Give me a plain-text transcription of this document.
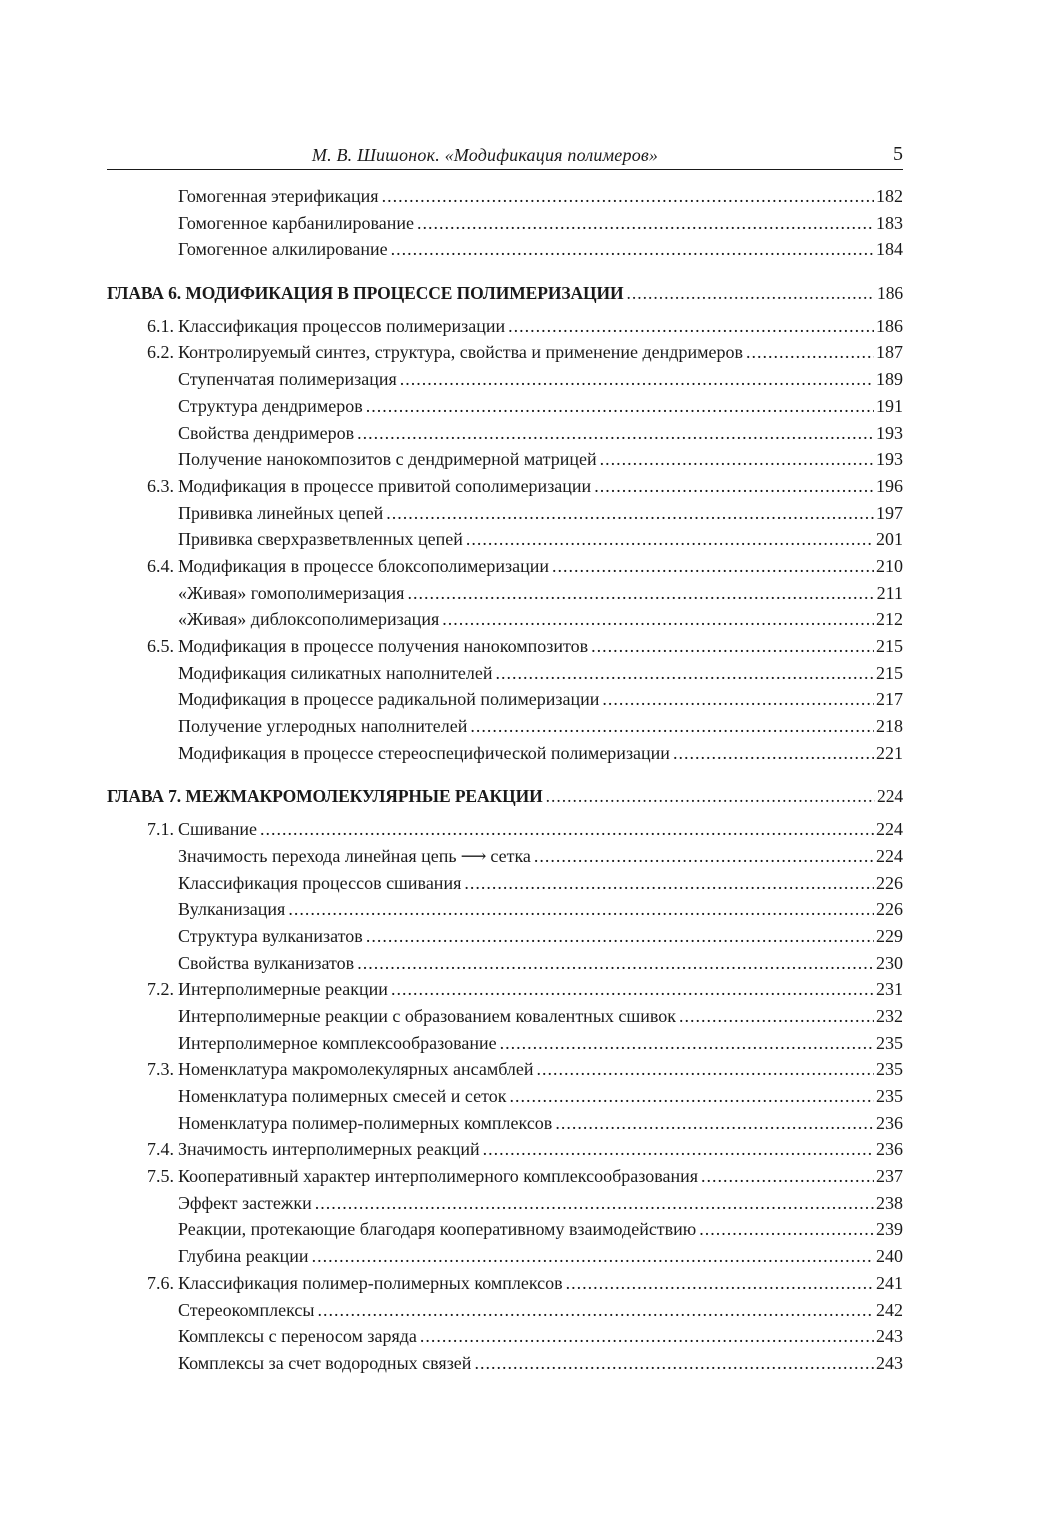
М. В. Шишонок. «Модификация полимеров»	5
Гомогенная этерификация .....	182
Гомогенное карбанилирование .....	183
Гомогенное алкилирование .....	184
ГЛАВА 6. МОДИФИКАЦИЯ В ПРОЦЕССЕ ПОЛИМЕРИЗАЦИИ .....	186
6.1. Классификация процессов полимеризации .....	186
6.2. Контролируемый синтез, структура, свойства и применение дендримеров .....	187
Ступенчатая полимеризация .....	189
Структура дендримеров .....	191
Свойства дендримеров .....	193
Получение нанокомпозитов с дендримерной матрицей .....	193
6.3. Модификация в процессе привитой сополимеризации .....	196
Прививка линейных цепей .....	197
Прививка сверхразветвленных цепей .....	201
6.4. Модификация в процессе блоксополимеризации .....	210
«Живая» гомополимеризация .....	211
«Живая» диблоксополимеризация .....	212
6.5. Модификация в процессе получения нанокомпозитов .....	215
Модификация силикатных наполнителей .....	215
Модификация в процессе радикальной полимеризации .....	217
Получение углеродных наполнителей .....	218
Модификация в процессе стереоспецифической полимеризации .....	221
ГЛАВА 7. МЕЖМАКРОМОЛЕКУЛЯРНЫЕ РЕАКЦИИ .....	224
7.1. Сшивание .....	224
Значимость перехода линейная цепь ⟶ сетка .....	224
Классификация процессов сшивания .....	226
Вулканизация .....	226
Структура вулканизатов .....	229
Свойства вулканизатов .....	230
7.2. Интерполимерные реакции .....	231
Интерполимерные реакции с образованием ковалентных сшивок .....	232
Интерполимерное комплексообразование .....	235
7.3. Номенклатура макромолекулярных ансамблей .....	235
Номенклатура полимерных смесей и сеток .....	235
Номенклатура полимер-полимерных комплексов .....	236
7.4. Значимость интерполимерных реакций .....	236
7.5. Кооперативный характер интерполимерного комплексообразования .....	237
Эффект застежки .....	238
Реакции, протекающие благодаря кооперативному взаимодействию .....	239
Глубина реакции .....	240
7.6. Классификация полимер-полимерных комплексов .....	241
Стереокомплексы .....	242
Комплексы с переносом заряда .....	243
Комплексы за счет водородных связей .....	243
